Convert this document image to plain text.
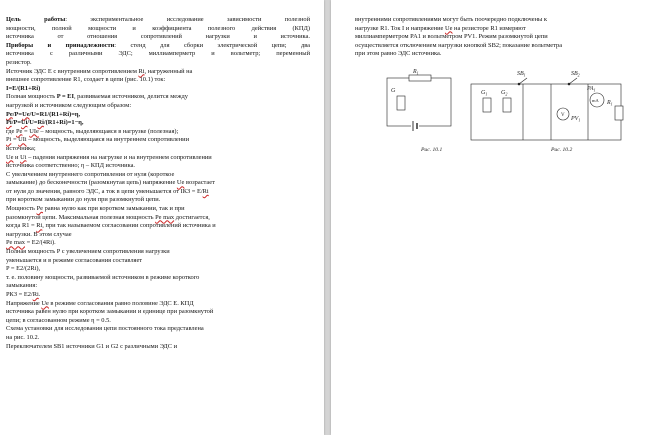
Цель работы: экспериментальное исследование зависимости полезной
мощности, полной мощности и коэффициента полезного действия (КПД)
источника от отношения сопротивлений нагрузки и источника.
Приборы и принадлежности: стенд для сборки электрической цепи; два
источника с различными ЭДС; миллиамперметр и вольтметр; переменный
резистор.
Источник ЭДС E с внутренним сопротивлением Ri, нагруженный на
внешнее сопротивление R1, создает в цепи (рис. 10.1) ток:
I=E/(R1+Ri)
Полная мощность P = EI, развиваемая источником, делится между
нагрузкой и источником следующим образом:
Pe/P=Ue/U=R1/(R1+Ri)=η,
Pi/P=Ui/U=Ri/(R1+Ri)=1−η,
где Pe = UIe – мощность, выделяющаяся в нагрузке (полезная);
Pi = UIi – мощность, выделяющаяся на внутреннем сопротивлении
источника;
Ue и Ui – падения напряжения на нагрузке и на внутреннем сопротивлении
источника соответственно; η – КПД источника.
С увеличением внутреннего сопротивления от нуля (короткое
замыкание) до бесконечности (разомкнутая цепь) напряжение Ue возрастает
от нуля до значения, равного ЭДС, а ток в цепи уменьшается от IКЗ = E/Ri
при коротком замыкании до нуля при разомкнутой цепи.
Мощность Pe равна нулю как при коротком замыкании, так и при
разомкнутой цепи. Максимальная полезная мощность Pe max достигается,
когда R1 = Ri, при так называемом согласовании сопротивлений источника и
нагрузки. В этом случае
Pe max = E2/(4Ri).
Полная мощность P с увеличением сопротивления нагрузки
уменьшается и в режиме согласования составляет
P = E2/(2Ri),
т. е. половину мощности, развиваемой источником в режиме короткого
замыкания:
PКЗ = E2/Ri.
Напряжение Ue в режиме согласования равно половине ЭДС E. КПД
источника равен нулю при коротком замыкании и единице при разомкнутой
цепи; в согласованном режиме η = 0.5.
Схема установки для исследования цепи постоянного тока представлена
на рис. 10.2.
Переключателем SB1 источники G1 и G2 с различными ЭДС и
внутренними сопротивлениями могут быть поочередно подключены к
нагрузке R1. Ток I и напряжение Ue на резисторе R1 измеряют
миллиамперметром PA1 и вольтметром PV1. Режим разомкнутой цепи
осуществляется отключением нагрузки кнопкой SB2; показание вольтметра
при этом равно ЭДС источника.
$R_1$
G
Рис. 10.1
$SB_1$	$SB_2$
$G_1$ $G_2$
V
mA
$PA_1$
$PV_1$
$R_1$
Рис. 10.2
